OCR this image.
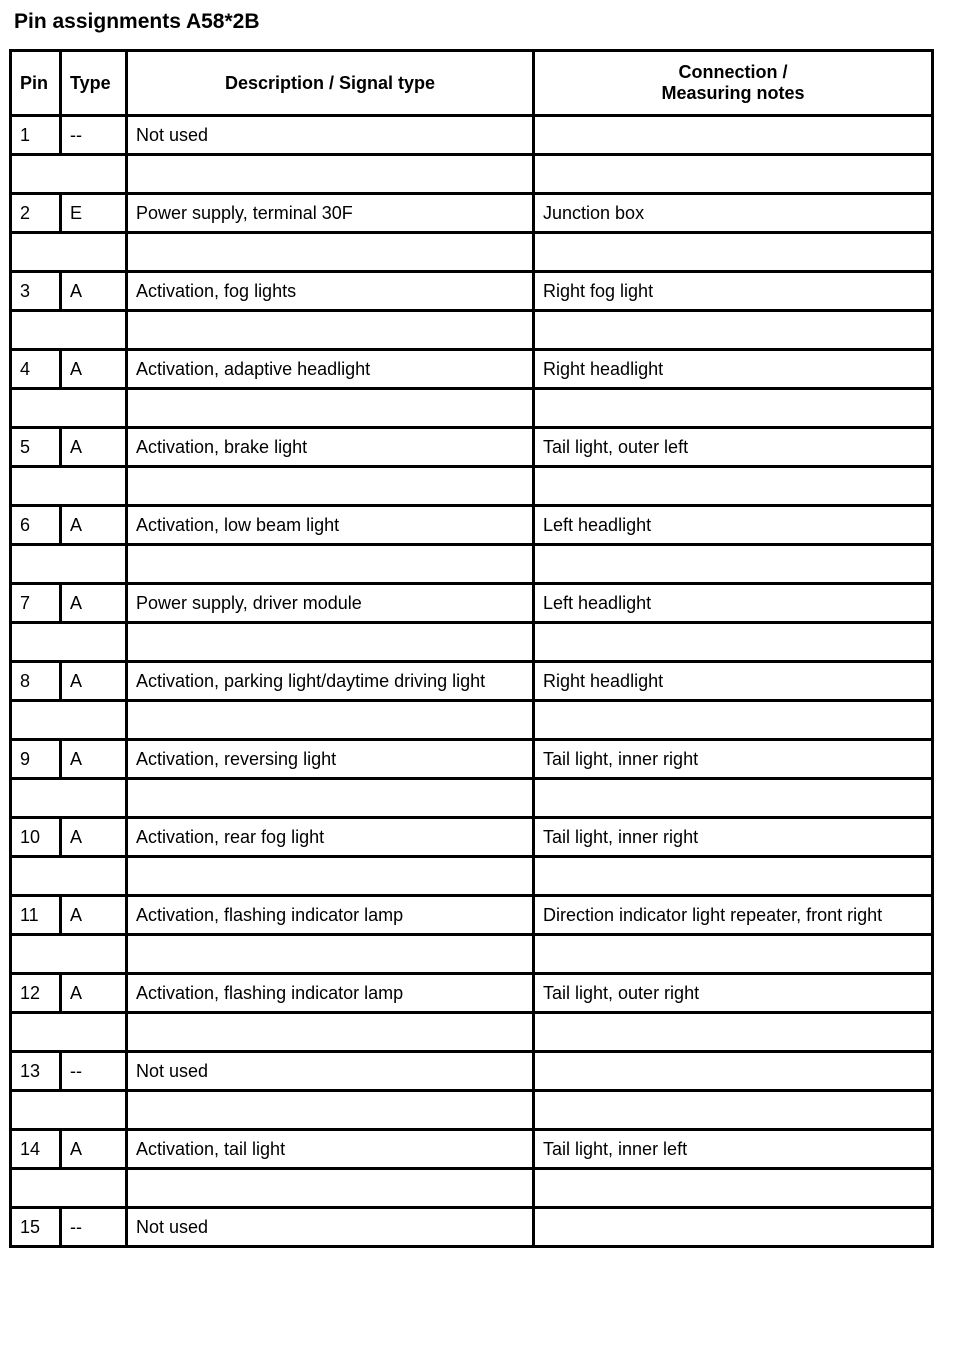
Pin assignments A58*2B
Pin	Type	Description / Signal type	Connection /
Measuring notes

1	--	Not used	

2	E	Power supply, terminal 30F	Junction box

3	A	Activation, fog lights	Right fog light

4	A	Activation, adaptive headlight	Right headlight

5	A	Activation, brake light	Tail light, outer left

6	A	Activation, low beam light	Left headlight

7	A	Power supply, driver module	Left headlight

8	A	Activation, parking light/daytime driving light	Right headlight

9	A	Activation, reversing light	Tail light, inner right

10	A	Activation, rear fog light	Tail light, inner right

11	A	Activation, flashing indicator lamp	Direction indicator light repeater, front right

12	A	Activation, flashing indicator lamp	Tail light, outer right

13	--	Not used	

14	A	Activation, tail light	Tail light, inner left

15	--	Not used	
